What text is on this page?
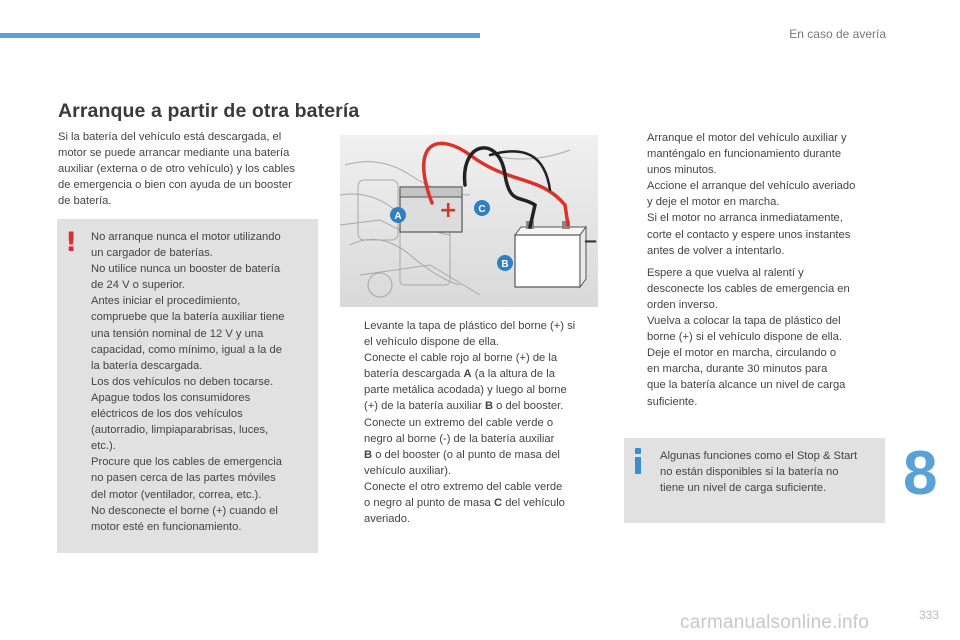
En caso de avería
Arranque a partir de otra batería
Si la batería del vehículo está descargada, el
motor se puede arrancar mediante una batería
auxiliar (externa o de otro vehículo) y los cables
de emergencia o bien con ayuda de un booster
de batería.
! No arranque nunca el motor utilizando
un cargador de baterías.
No utilice nunca un booster de batería
de 24 V o superior.
Antes iniciar el procedimiento,
compruebe que la batería auxiliar tiene
una tensión nominal de 12 V y una
capacidad, como mínimo, igual a la de
la batería descargada.
Los dos vehículos no deben tocarse.
Apague todos los consumidores
eléctricos de los dos vehículos
(autorradio, limpiaparabrisas, luces,
etc.).
Procure que los cables de emergencia
no pasen cerca de las partes móviles
del motor (ventilador, correa, etc.).
No desconecte el borne (+) cuando el
motor esté en funcionamiento.
+
−
A
B
C
Levante la tapa de plástico del borne (+) si
el vehículo dispone de ella.
Conecte el cable rojo al borne (+) de la
batería descargada A (a la altura de la
parte metálica acodada) y luego al borne
(+) de la batería auxiliar B o del booster.
Conecte un extremo del cable verde o
negro al borne (-) de la batería auxiliar
B o del booster (o al punto de masa del
vehículo auxiliar).
Conecte el otro extremo del cable verde
o negro al punto de masa C del vehículo
averiado.
Arranque el motor del vehículo auxiliar y
manténgalo en funcionamiento durante
unos minutos.
Accione el arranque del vehículo averiado
y deje el motor en marcha.
Si el motor no arranca inmediatamente,
corte el contacto y espere unos instantes
antes de volver a intentarlo.
Espere a que vuelva al ralentí y
desconecte los cables de emergencia en
orden inverso.
Vuelva a colocar la tapa de plástico del
borne (+) si el vehículo dispone de ella.
Deje el motor en marcha, circulando o
en marcha, durante 30 minutos para
que la batería alcance un nivel de carga
suficiente.
Algunas funciones como el Stop & Start
no están disponibles si la batería no
tiene un nivel de carga suficiente.	8
333
carmanualsonline.info
